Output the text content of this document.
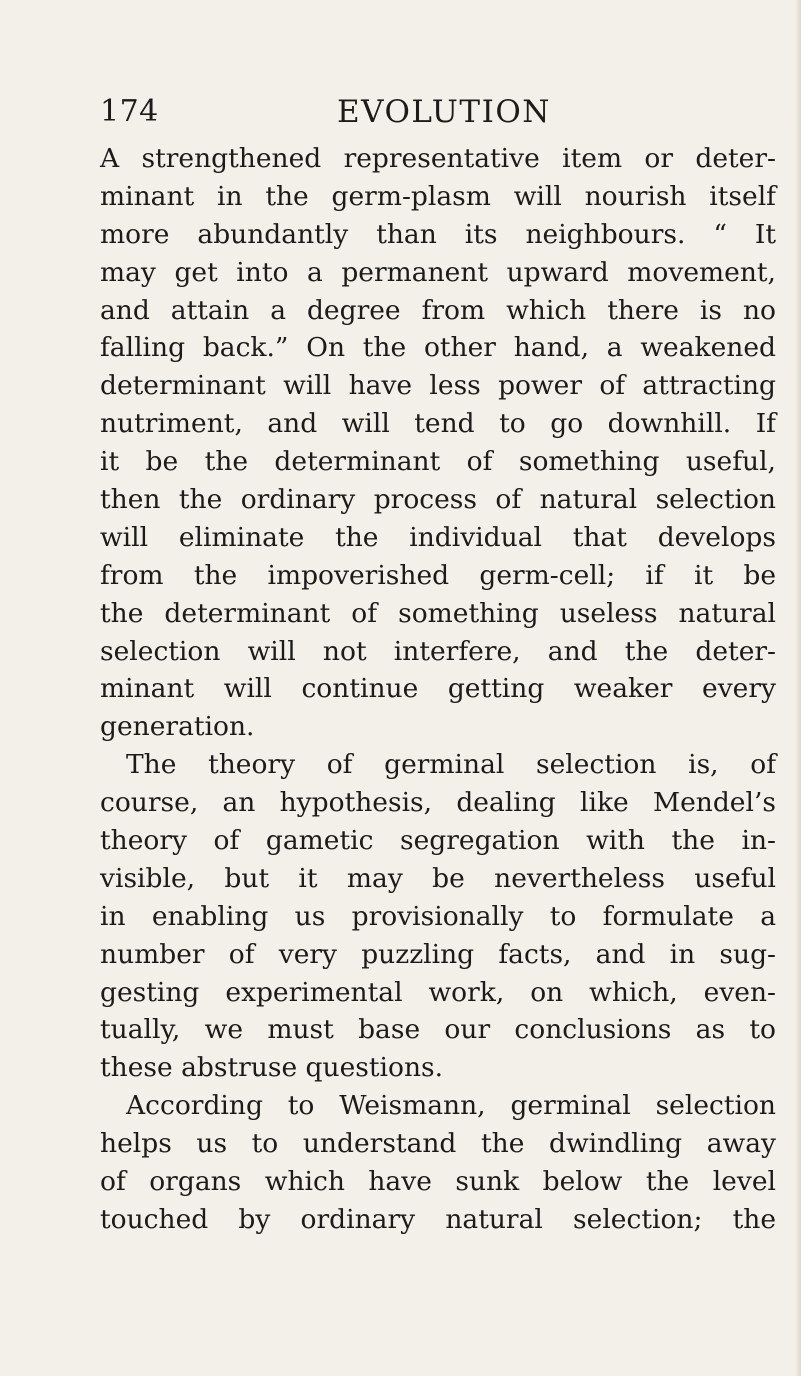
174	EVOLUTION
A strengthened representative item or deter-
minant in the germ-plasm will nourish itself
more abundantly than its neighbours. “ It
may get into a permanent upward movement,
and attain a degree from which there is no
falling back.” On the other hand, a weakened
determinant will have less power of attracting
nutriment, and will tend to go downhill. If
it be the determinant of something useful,
then the ordinary process of natural selection
will eliminate the individual that develops
from the impoverished germ-cell; if it be
the determinant of something useless natural
selection will not interfere, and the deter-
minant will continue getting weaker every
generation.
The theory of germinal selection is, of
course, an hypothesis, dealing like Mendel’s
theory of gametic segregation with the in-
visible, but it may be nevertheless useful
in enabling us provisionally to formulate a
number of very puzzling facts, and in sug-
gesting experimental work, on which, even-
tually, we must base our conclusions as to
these abstruse questions.
According to Weismann, germinal selection
helps us to understand the dwindling away
of organs which have sunk below the level
touched by ordinary natural selection; the
